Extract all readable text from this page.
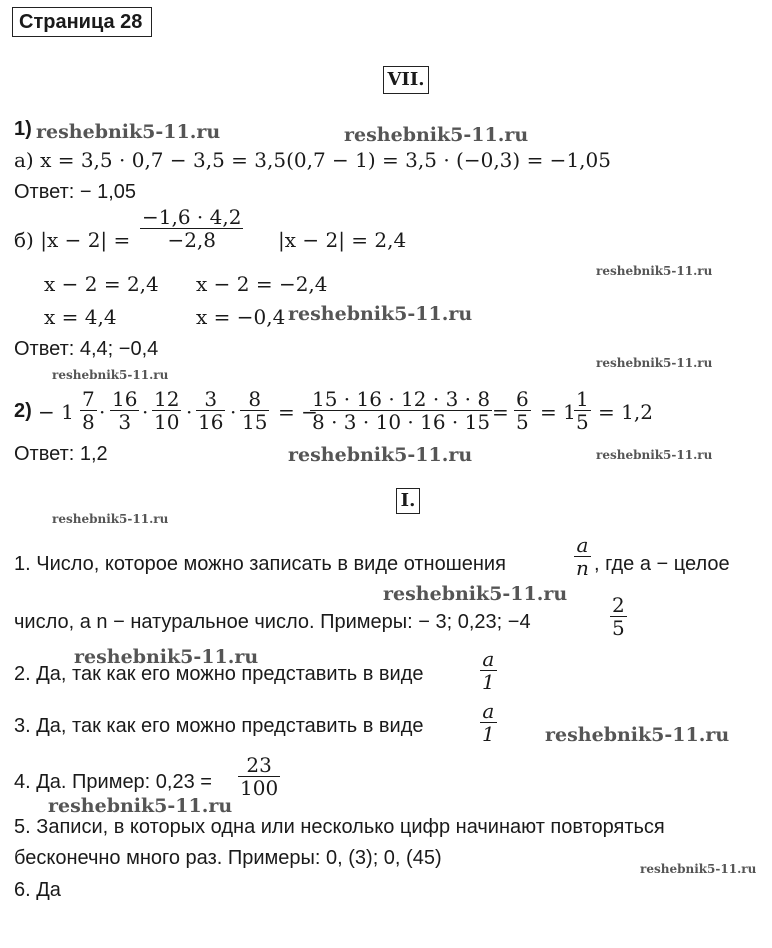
Страница 28
VII.
1)
а) x = 3,5 · 0,7 − 3,5 = 3,5(0,7 − 1) = 3,5 · (−0,3) = −1,05
Ответ: − 1,05
б) $|x - 2| = \frac{-1,6 \cdot 4,2}{-2,8} |x - 2| = 2,4$
x − 2 = 2,4 x − 2 = −2,4
x = 4,4	x = −0,4
Ответ: 4,4; −0,4
$2) - 1 \frac{7}{8} \cdot \frac{16}{3} \cdot \frac{12}{10} \cdot \frac{3}{16} \cdot \frac{8}{15}$ = −
$\frac{15 \cdot 16 \cdot 12 \cdot 3 \cdot 8}{8 \cdot 3 \cdot 10 \cdot 16 \cdot 15} = \frac{6}{5} = 1$
$\frac{1}{5} = 1,2$
Ответ: 1,2
I.
1. Число, которое можно записать в виде отношения	$\frac{a}{n}$ , где a − целое
число, а n − натуральное число. Примеры: − 3; 0,23; −4	$\frac{2}{5}$
2. Да, так как его можно представить в виде	$\frac{a}{1}$
3. Да, так как его можно представить в виде	$\frac{a}{1}$
4. Да. Пример: $0,23 = \frac{23}{100}$
5. Записи, в которых одна или несколько цифр начинают повторяться
бесконечно много раз. Примеры: 0, (3); 0, (45)
6. Да
reshebnik5-11.ru	reshebnik5-11.ru
reshebnik5-11.ru
reshebnik5-11.ru
reshebnik5-11.ru
reshebnik5-11.ru
reshebnik5-11.ru	reshebnik5-11.ru
reshebnik5-11.ru
reshebnik5-11.ru
reshebnik5-11.ru
reshebnik5-11.ru
reshebnik5-11.ru
reshebnik5-11.ru
